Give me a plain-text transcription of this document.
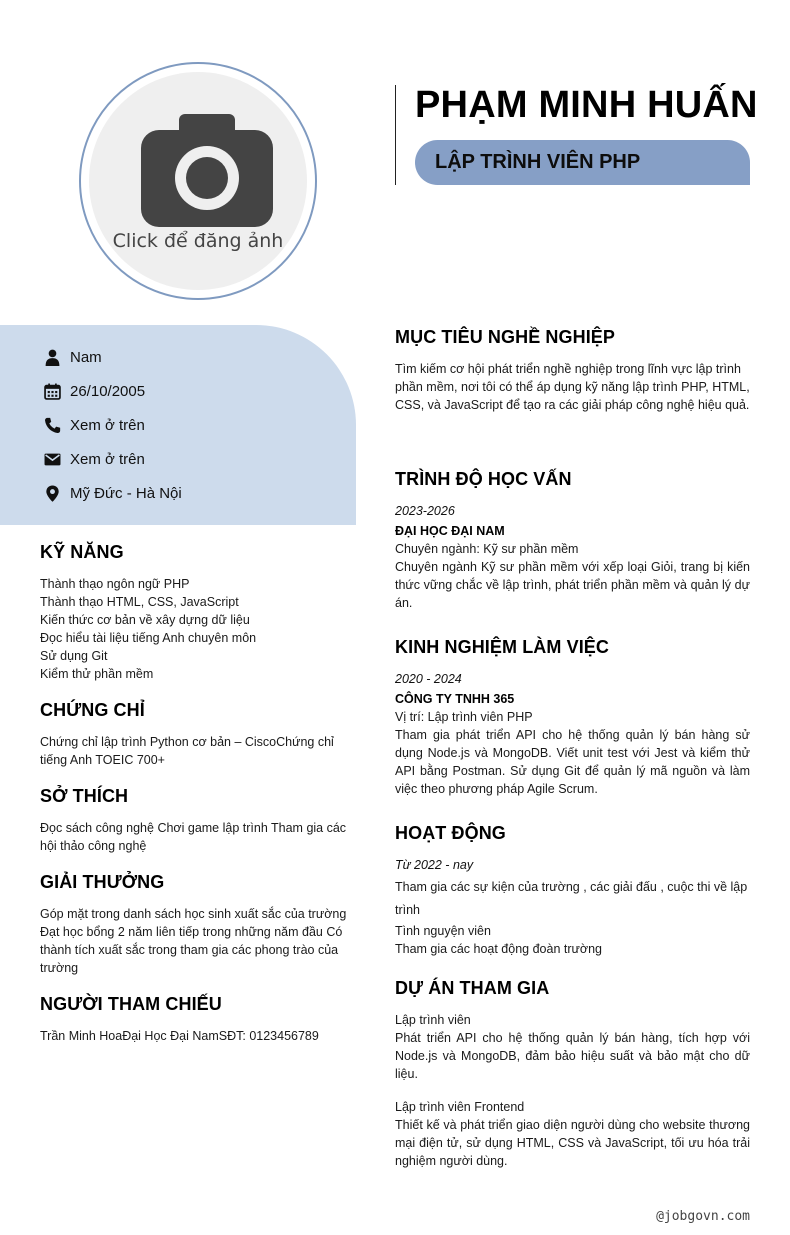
Click để đăng ảnh
PHẠM MINH HUẤN
LẬP TRÌNH VIÊN PHP
Nam
26/10/2005
Xem ở trên
Xem ở trên
Mỹ Đức - Hà Nội
KỸ NĂNG
Thành thạo ngôn ngữ PHP
Thành thạo HTML, CSS, JavaScript
Kiến thức cơ bản về xây dựng dữ liệu
Đọc hiểu tài liệu tiếng Anh chuyên môn
Sử dụng Git
Kiểm thử phần mềm
CHỨNG CHỈ
Chứng chỉ lập trình Python cơ bản – CiscoChứng chỉ tiếng Anh TOEIC 700+
SỞ THÍCH
Đọc sách công nghệ Chơi game lập trình Tham gia các hội thảo công nghệ
GIẢI THƯỞNG
Góp mặt trong danh sách học sinh xuất sắc của trường  Đạt học bổng 2 năm liên tiếp trong những năm đầu Có thành tích xuất sắc trong tham gia các phong trào của trường
NGƯỜI THAM CHIẾU
Trần Minh HoaĐại Học Đại NamSĐT: 0123456789
MỤC TIÊU NGHỀ NGHIỆP
Tìm kiếm cơ hội phát triển nghề nghiệp trong lĩnh vực lập trình phần mềm, nơi tôi có thể áp dụng kỹ năng lập trình PHP, HTML, CSS, và JavaScript để tạo ra các giải pháp công nghệ hiệu quả.
TRÌNH ĐỘ HỌC VẤN
2023-2026
ĐẠI HỌC ĐẠI NAM
Chuyên ngành: Kỹ sư phần mềm
Chuyên ngành Kỹ sư phần mềm với xếp loại Giỏi, trang bị kiến thức vững chắc về lập trình, phát triển phần mềm và quản lý dự án.
KINH NGHIỆM LÀM VIỆC
2020 - 2024
CÔNG TY TNHH 365
Vị trí: Lập trình viên PHP
Tham gia phát triển API cho hệ thống quản lý bán hàng sử dụng Node.js và MongoDB. Viết unit test với Jest và kiểm thử API bằng Postman. Sử dụng Git để quản lý mã nguồn và làm việc theo phương pháp Agile Scrum.
HOẠT ĐỘNG
Từ 2022 - nay
Tham gia các sự kiện của trường , các giải đấu , cuộc thi về lập trình
Tình nguyện viên
Tham gia các hoạt động đoàn trường
DỰ ÁN THAM GIA
Lập trình viên
Phát triển API cho hệ thống quản lý bán hàng, tích hợp với Node.js và MongoDB, đảm bảo hiệu suất và bảo mật cho dữ liệu.
Lập trình viên Frontend
Thiết kế và phát triển giao diện người dùng cho website thương mại điện tử, sử dụng HTML, CSS và JavaScript, tối ưu hóa trải nghiệm người dùng.
@jobgovn.com
